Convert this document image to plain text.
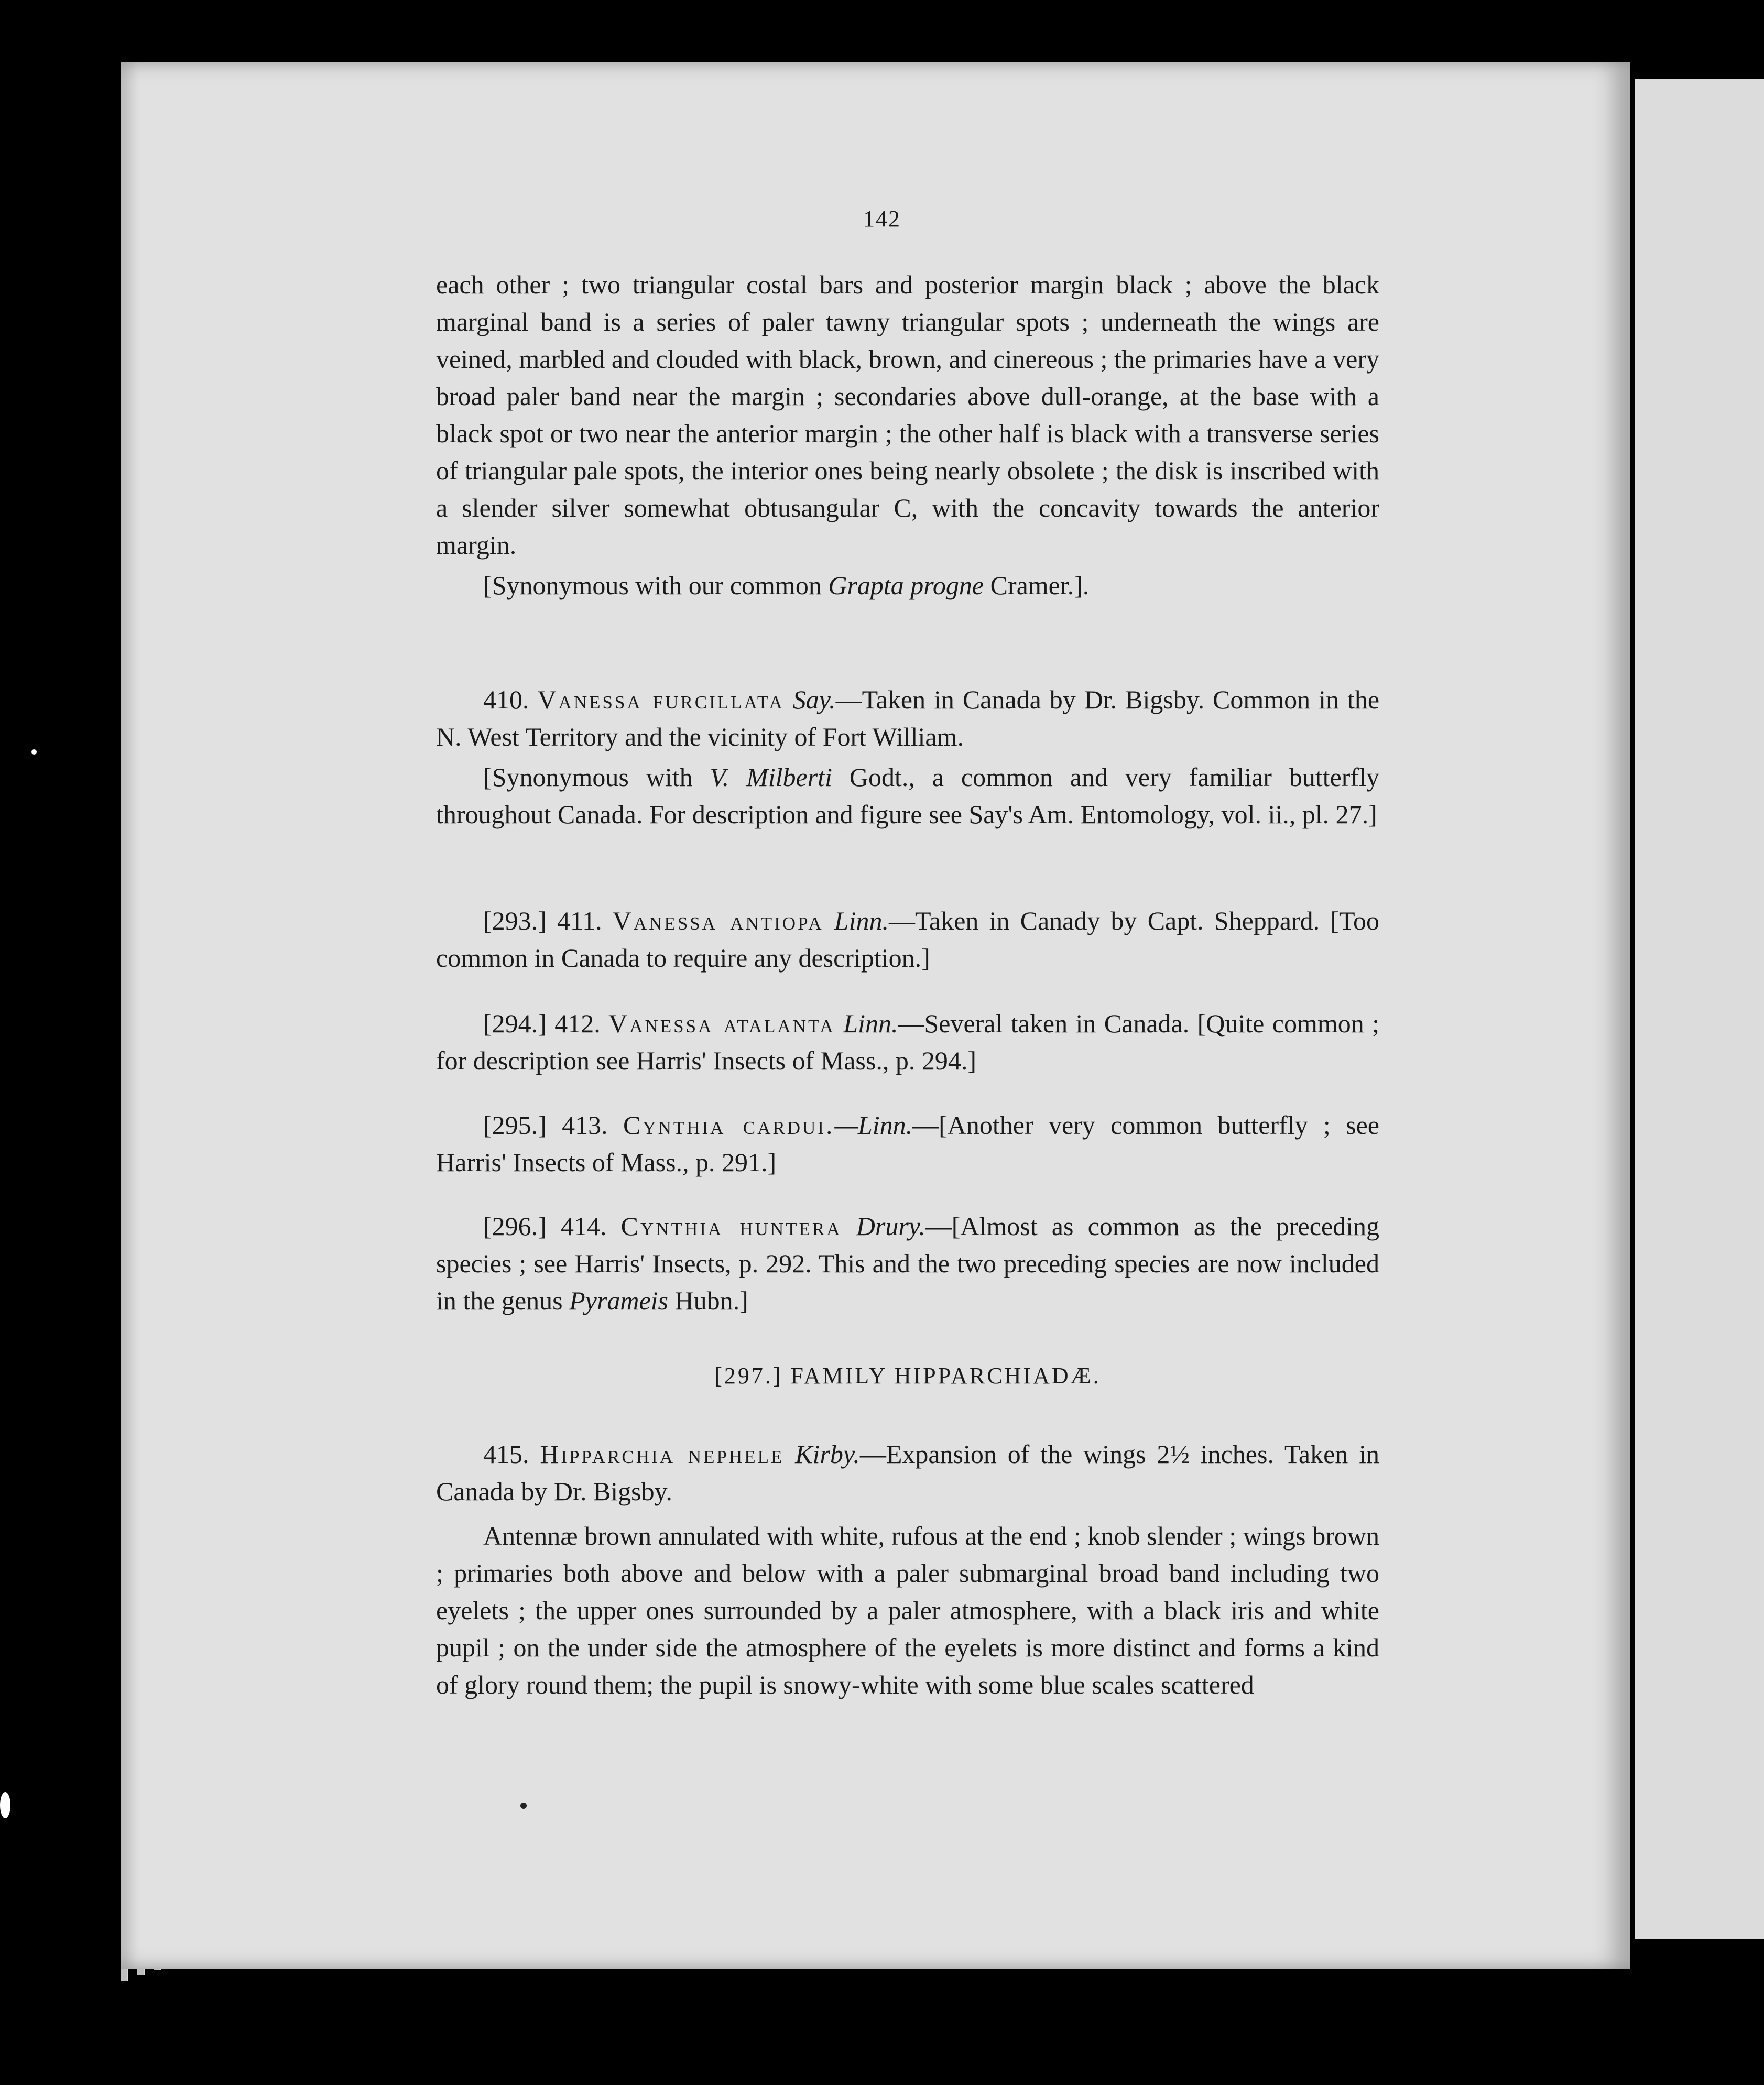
142

each other ; two triangular costal bars and posterior margin black ; above the black marginal band is a series of paler tawny triangular spots ; underneath the wings are veined, marbled and clouded with black, brown, and cinereous ; the primaries have a very broad paler band near the margin ; secondaries above dull-orange, at the base with a black spot or two near the anterior margin ; the other half is black with a transverse series of triangular pale spots, the interior ones being nearly obsolete ; the disk is inscribed with a slender silver somewhat obtusangular C, with the concavity towards the anterior margin.

[Synonymous with our common Grapta progne Cramer.].

410. Vanessa furcillata Say.—Taken in Canada by Dr. Bigsby. Common in the N. West Territory and the vicinity of Fort William.

[Synonymous with V. Milberti Godt., a common and very familiar butterfly throughout Canada. For description and figure see Say's Am. Entomology, vol. ii., pl. 27.]

[293.] 411. Vanessa antiopa Linn.—Taken in Canady by Capt. Sheppard. [Too common in Canada to require any description.]

[294.] 412. Vanessa atalanta Linn.—Several taken in Canada. [Quite common ; for description see Harris' Insects of Mass., p. 294.]

[295.] 413. Cynthia cardui.—Linn.—[Another very common butterfly ; see Harris' Insects of Mass., p. 291.]

[296.] 414. Cynthia huntera Drury.—[Almost as common as the preceding species ; see Harris' Insects, p. 292. This and the two preceding species are now included in the genus Pyrameis Hubn.]

[297.] FAMILY HIPPARCHIADÆ.

415. Hipparchia nephele Kirby.—Expansion of the wings 2½ inches. Taken in Canada by Dr. Bigsby.

Antennæ brown annulated with white, rufous at the end ; knob slender ; wings brown ; primaries both above and below with a paler submarginal broad band including two eyelets ; the upper ones surrounded by a paler atmosphere, with a black iris and white pupil ; on the under side the atmosphere of the eyelets is more distinct and forms a kind of glory round them; the pupil is snowy-white with some blue scales scattered
